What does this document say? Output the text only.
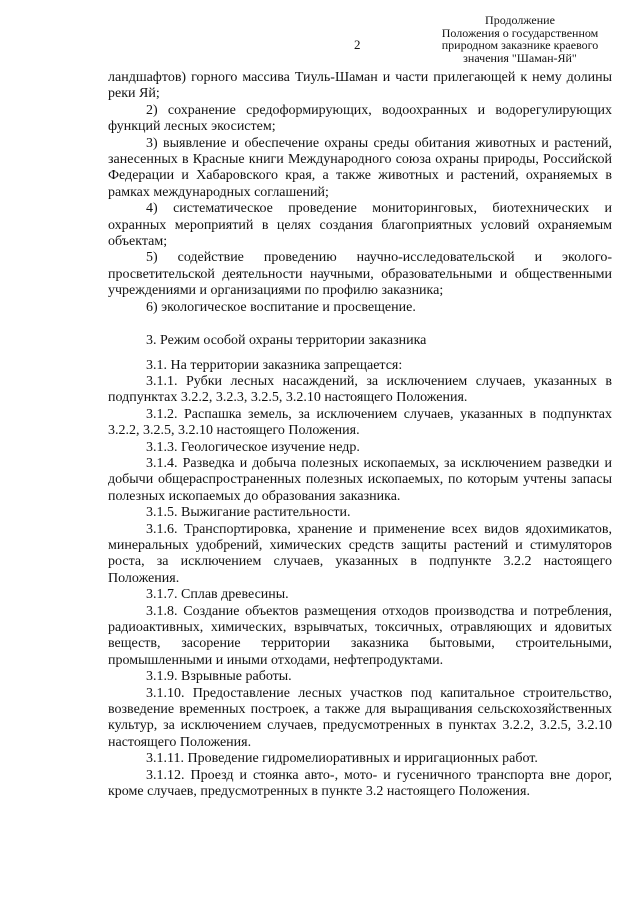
2
Продолжение
Положения о государственном
природном заказнике краевого
значения "Шаман-Яй"

ландшафтов) горного массива Тиуль-Шаман и части прилегающей к нему долины реки Яй;

2) сохранение средоформирующих, водоохранных и водорегулирующих функций лесных экосистем;

3) выявление и обеспечение охраны среды обитания животных и растений, занесенных в Красные книги Международного союза охраны природы, Российской Федерации и Хабаровского края, а также животных и растений, охраняемых в рамках международных соглашений;

4) систематическое проведение мониторинговых, биотехнических и охранных мероприятий в целях создания благоприятных условий охраняемым объектам;

5) содействие проведению научно-исследовательской и эколого-просветительской деятельности научными, образовательными и общественными учреждениями и организациями по профилю заказника;

6) экологическое воспитание и просвещение.

3. Режим особой охраны территории заказника

3.1. На территории заказника запрещается:

3.1.1. Рубки лесных насаждений, за исключением случаев, указанных в подпунктах 3.2.2, 3.2.3, 3.2.5, 3.2.10 настоящего Положения.

3.1.2. Распашка земель, за исключением случаев, указанных в подпунктах 3.2.2, 3.2.5, 3.2.10 настоящего Положения.

3.1.3. Геологическое изучение недр.

3.1.4. Разведка и добыча полезных ископаемых, за исключением разведки и добычи общераспространенных полезных ископаемых, по которым учтены запасы полезных ископаемых до образования заказника.

3.1.5. Выжигание растительности.

3.1.6. Транспортировка, хранение и применение всех видов ядохимикатов, минеральных удобрений, химических средств защиты растений и стимуляторов роста, за исключением случаев, указанных в подпункте 3.2.2 настоящего Положения.

3.1.7. Сплав древесины.

3.1.8. Создание объектов размещения отходов производства и потребления, радиоактивных, химических, взрывчатых, токсичных, отравляющих и ядовитых веществ, засорение территории заказника бытовыми, строительными, промышленными и иными отходами, нефтепродуктами.

3.1.9. Взрывные работы.

3.1.10. Предоставление лесных участков под капитальное строительство, возведение временных построек, а также для выращивания сельскохозяйственных культур, за исключением случаев, предусмотренных в пунктах 3.2.2, 3.2.5, 3.2.10 настоящего Положения.

3.1.11. Проведение гидромелиоративных и ирригационных работ.

3.1.12. Проезд и стоянка авто-, мото- и гусеничного транспорта вне дорог, кроме случаев, предусмотренных в пункте 3.2 настоящего Положения.
